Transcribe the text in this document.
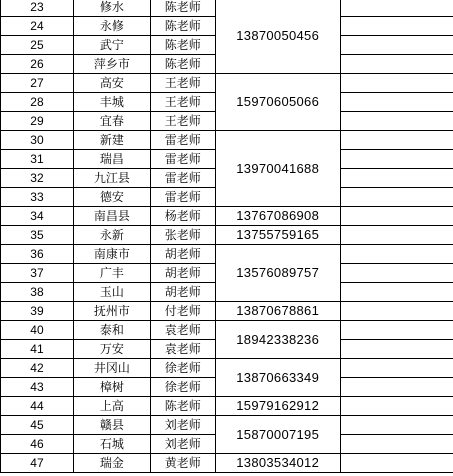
23	修水	陈老师	13870050456	
24	永修	陈老师		
25	武宁	陈老师		
26	萍乡市	陈老师		
27	高安	王老师	15970605066	
28	丰城	王老师		
29	宜春	王老师		
30	新建	雷老师	13970041688	
31	瑞昌	雷老师		
32	九江县	雷老师		
33	德安	雷老师		
34	南昌县	杨老师	13767086908	
35	永新	张老师	13755759165	
36	南康市	胡老师	13576089757	
37	广丰	胡老师		
38	玉山	胡老师		
39	抚州市	付老师	13870678861	
40	泰和	袁老师	18942338236	
41	万安	袁老师		
42	井冈山	徐老师	13870663349	
43	樟树	徐老师		
44	上高	陈老师	15979162912	
45	赣县	刘老师	15870007195	
46	石城	刘老师		
47	瑞金	黄老师	13803534012	
